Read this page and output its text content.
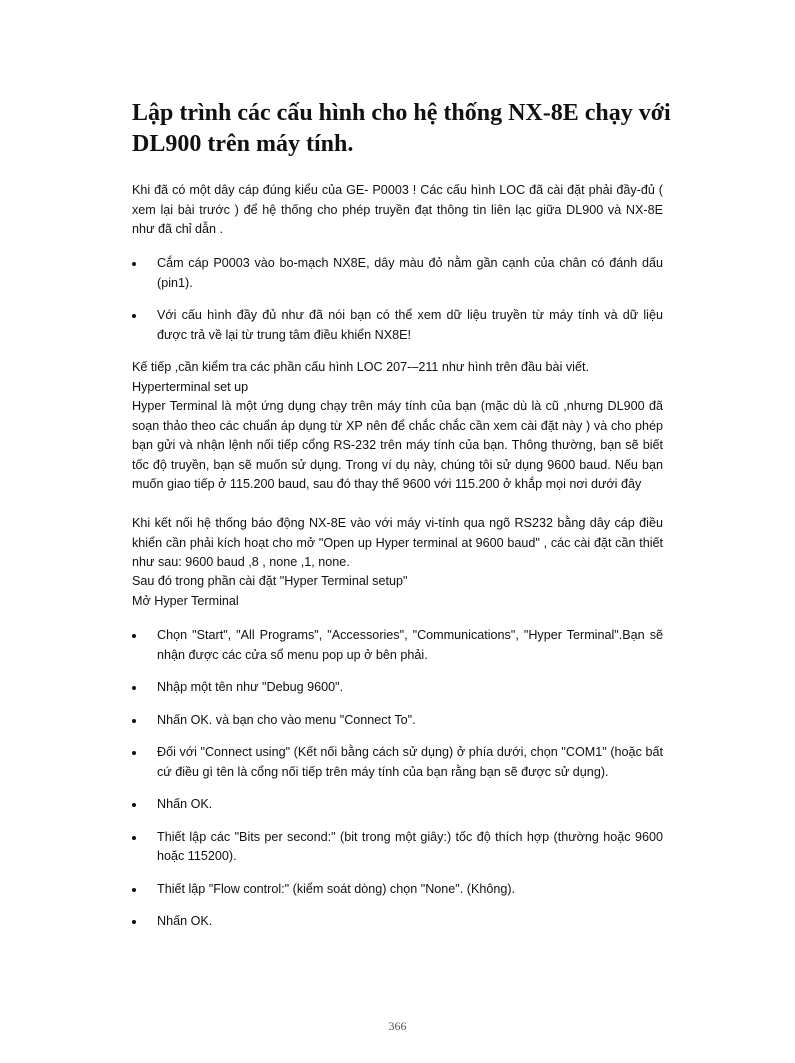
Lập trình các cấu hình cho hệ thống NX-8E chạy với DL900 trên máy tính.

Khi đã có một dây cáp đúng kiểu của GE- P0003 ! Các cấu hình LOC đã cài đặt phải đầy-đủ ( xem lại bài trước ) để hệ thống cho phép truyền đạt thông tin liên lạc giữa DL900 và NX-8E như đã chỉ dẫn .

Cắm cáp P0003 vào bo-mạch NX8E, dây màu đỏ nằm gần cạnh của chân có đánh dấu (pin1).
Với cấu hình đầy đủ như đã nói bạn có thể xem dữ liệu truyền từ máy tính và dữ liệu được trả về lại từ trung tâm điều khiển NX8E!
Kế tiếp ,cần kiểm tra các phần cấu hình LOC 207-–211 như hình trên đầu bài viết.
Hyperterminal set up

Hyper Terminal là một ứng dụng chạy trên máy tính của bạn (mặc dù là cũ ,nhưng DL900 đã soạn thảo theo các chuẩn áp dụng từ XP nên để chắc chắc cần xem cài đặt này ) và cho phép bạn gửi và nhận lệnh nối tiếp cổng RS-232 trên máy tính của bạn. Thông thường, bạn sẽ biết tốc độ truyền, bạn sẽ muốn sử dụng. Trong ví dụ này, chúng tôi sử dụng 9600 baud. Nếu bạn muốn giao tiếp ở 115.200 baud, sau đó thay thế 9600 với 115.200 ở khắp mọi nơi dưới đây

Khi kết nối hệ thống báo động NX-8E vào với máy vi-tính qua ngõ RS232 bằng dây cáp điều khiển cần phải kích hoạt cho mở "Open up Hyper terminal at 9600 baud" , các cài đặt cần thiết như sau: 9600 baud ,8 , none ,1, none.

Sau đó trong phần cài đặt "Hyper Terminal setup"
Mở Hyper Terminal
Chọn "Start", "All Programs", "Accessories", "Communications", "Hyper Terminal".Bạn sẽ nhận được các cửa sổ menu pop up ở bên phải.
Nhập một tên như "Debug 9600".
Nhấn OK. và bạn cho vào menu "Connect To".
Đối với "Connect using" (Kết nối bằng cách sử dụng) ở phía dưới, chọn "COM1" (hoặc bất cứ điều gì tên là cổng nối tiếp trên máy tính của bạn rằng bạn sẽ được sử dụng).
Nhấn OK.
Thiết lập các "Bits per second:" (bit trong một giây:) tốc độ thích hợp (thường hoặc 9600 hoặc 115200).
Thiết lập "Flow control:" (kiểm soát dòng) chọn "None". (Không).
Nhấn OK.
366
